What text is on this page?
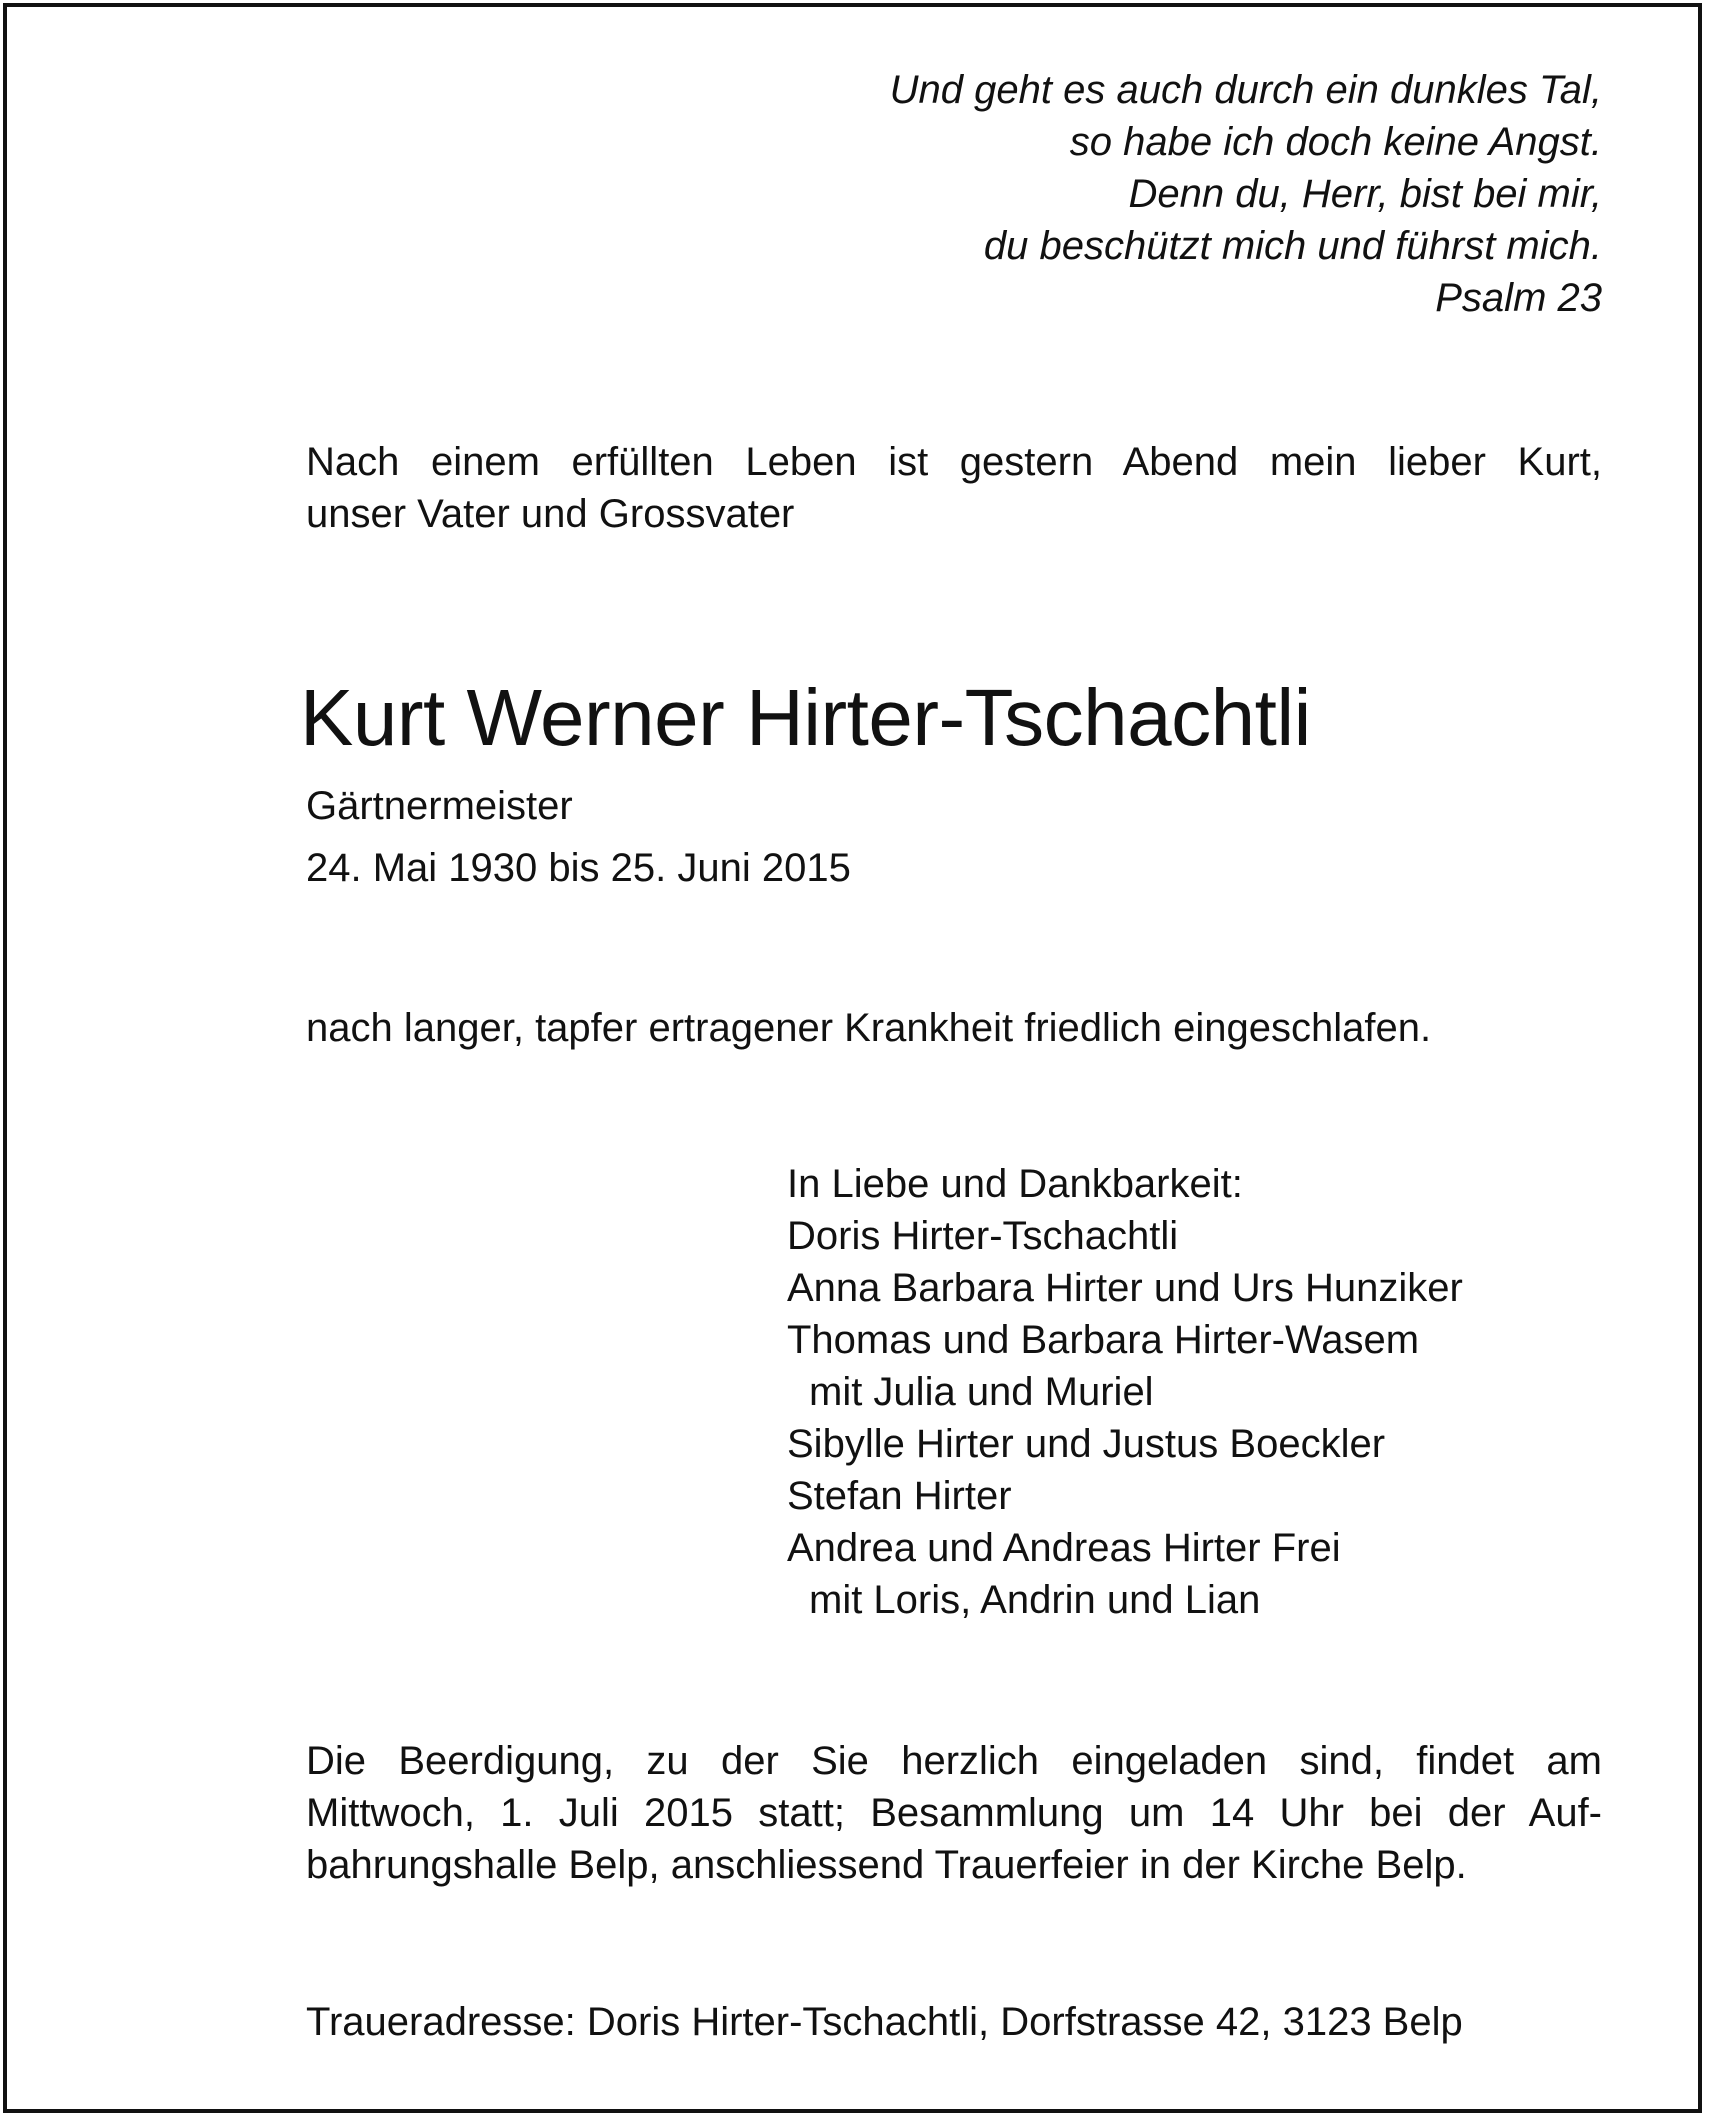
Und geht es auch durch ein dunkles Tal,
so habe ich doch keine Angst.
Denn du, Herr, bist bei mir,
du beschützt mich und führst mich.
Psalm 23
Nach einem erfüllten Leben ist gestern Abend mein lieber Kurt,
unser Vater und Grossvater
Kurt Werner Hirter-Tschachtli
Gärtnermeister
24. Mai 1930 bis 25. Juni 2015
nach langer, tapfer ertragener Krankheit friedlich eingeschlafen.
In Liebe und Dankbarkeit:
Doris Hirter-Tschachtli
Anna Barbara Hirter und Urs Hunziker
Thomas und Barbara Hirter-Wasem
mit Julia und Muriel
Sibylle Hirter und Justus Boeckler
Stefan Hirter
Andrea und Andreas Hirter Frei
mit Loris, Andrin und Lian
Die Beerdigung, zu der Sie herzlich eingeladen sind, findet am
Mittwoch, 1. Juli 2015 statt; Besammlung um 14 Uhr bei der Auf-
bahrungshalle Belp, anschliessend Trauerfeier in der Kirche Belp.
Traueradresse: Doris Hirter-Tschachtli, Dorfstrasse 42, 3123 Belp
